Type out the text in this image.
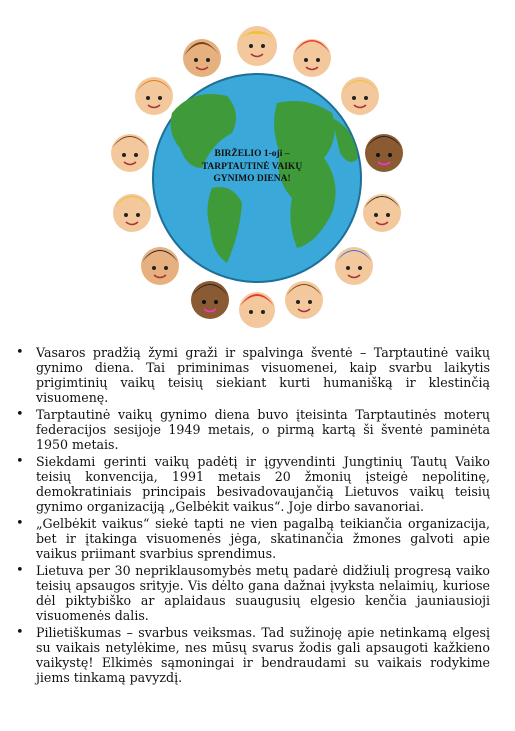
BIRŽELIO 1-oji –
TARPTAUTINĖ VAIKŲ
GYNIMO DIENA!
• Vasaros pradžią žymi graži ir spalvinga šventė – Tarptautinė vaikų gynimo diena. Tai priminimas visuomenei, kaip svarbu laikytis prigimtinių vaikų teisių siekiant kurti humanišką ir klestinčią visuomenę.
• Tarptautinė vaikų gynimo diena buvo įteisinta Tarptautinės moterų federacijos sesijoje 1949 metais, o pirmą kartą ši šventė paminėta 1950 metais.
• Siekdami gerinti vaikų padėtį ir įgyvendinti Jungtinių Tautų Vaiko teisių konvencija, 1991 metais 20 žmonių įsteigė nepolitinę, demokratiniais principais besivadovaujančią Lietuvos vaikų teisių gynimo organizaciją „Gelbėkit vaikus“. Joje dirbo savanoriai.
• „Gelbėkit vaikus“ siekė tapti ne vien pagalbą teikiančia organizacija, bet ir įtakinga visuomenės jėga, skatinančia žmones galvoti apie vaikus priimant svarbius sprendimus.
• Lietuva per 30 nepriklausomybės metų padarė didžiulį progresą vaiko teisių apsaugos srityje. Vis dėlto gana dažnai įvyksta nelaimių, kuriose dėl piktybiško ar aplaidaus suaugusių elgesio kenčia jauniausioji visuomenės dalis.
• Pilietiškumas – svarbus veiksmas. Tad sužinoję apie netinkamą elgesį su vaikais netylėkime, nes mūsų svarus žodis gali apsaugoti kažkieno vaikystę! Elkimės sąmoningai ir bendraudami su vaikais rodykime jiems tinkamą pavyzdį.
